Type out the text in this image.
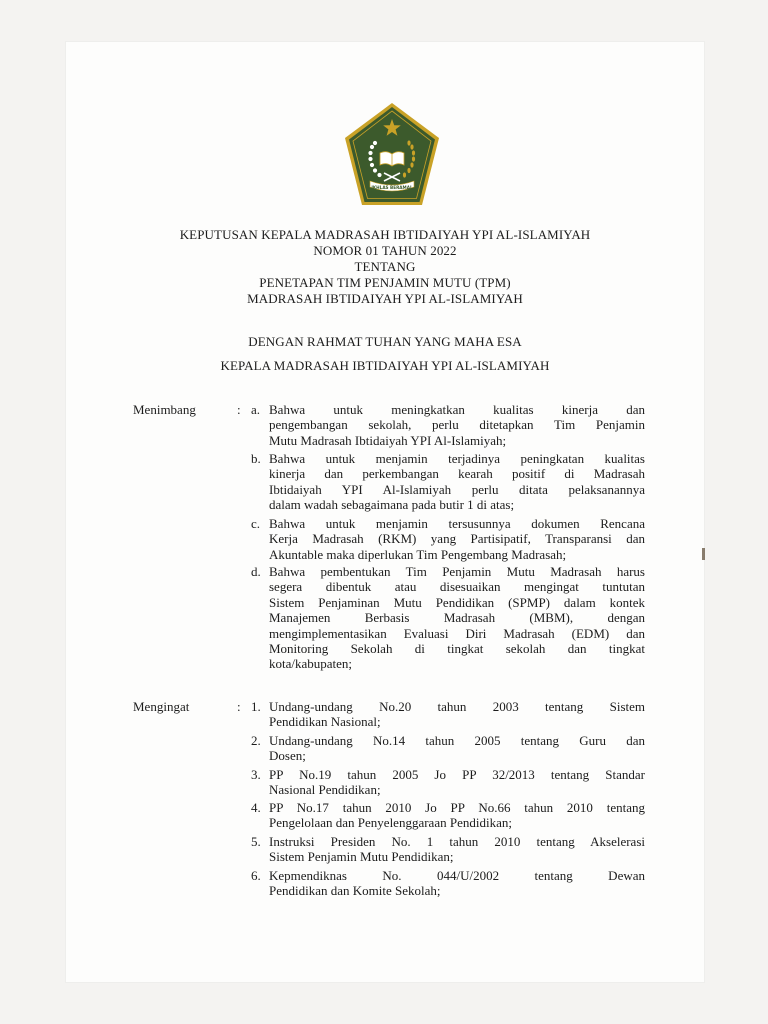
IKHLAS BERAMAL
KEPUTUSAN KEPALA MADRASAH IBTIDAIYAH YPI AL-ISLAMIYAH
NOMOR 01 TAHUN 2022
TENTANG
PENETAPAN TIM PENJAMIN MUTU (TPM)
MADRASAH IBTIDAIYAH YPI AL-ISLAMIYAH
DENGAN RAHMAT TUHAN YANG MAHA ESA
KEPALA MADRASAH IBTIDAIYAH YPI AL-ISLAMIYAH
Menimbang	: a. Bahwa untuk meningkatkan kualitas kinerja dan
pengembangan sekolah, perlu ditetapkan Tim Penjamin
Mutu Madrasah Ibtidaiyah YPI Al-Islamiyah;
b. Bahwa untuk menjamin terjadinya peningkatan kualitas
kinerja dan perkembangan kearah positif di Madrasah
Ibtidaiyah YPI Al-Islamiyah perlu ditata pelaksanannya
dalam wadah sebagaimana pada butir 1 di atas;
c. Bahwa untuk menjamin tersusunnya dokumen Rencana
Kerja Madrasah (RKM) yang Partisipatif, Transparansi dan
Akuntable maka diperlukan Tim Pengembang Madrasah;
d. Bahwa pembentukan Tim Penjamin Mutu Madrasah harus
segera dibentuk atau disesuaikan mengingat tuntutan
Sistem Penjaminan Mutu Pendidikan (SPMP) dalam kontek
Manajemen Berbasis Madrasah (MBM), dengan
mengimplementasikan Evaluasi Diri Madrasah (EDM) dan
Monitoring Sekolah di tingkat sekolah dan tingkat
kota/kabupaten;
Mengingat	: 1. Undang-undang No.20 tahun 2003 tentang Sistem
Pendidikan Nasional;
2. Undang-undang No.14 tahun 2005 tentang Guru dan
Dosen;
3. PP No.19 tahun 2005 Jo PP 32/2013 tentang Standar
Nasional Pendidikan;
4. PP No.17 tahun 2010 Jo PP No.66 tahun 2010 tentang
Pengelolaan dan Penyelenggaraan Pendidikan;
5. Instruksi Presiden No. 1 tahun 2010 tentang Akselerasi
Sistem Penjamin Mutu Pendidikan;
6. Kepmendiknas No. 044/U/2002 tentang Dewan
Pendidikan dan Komite Sekolah;
